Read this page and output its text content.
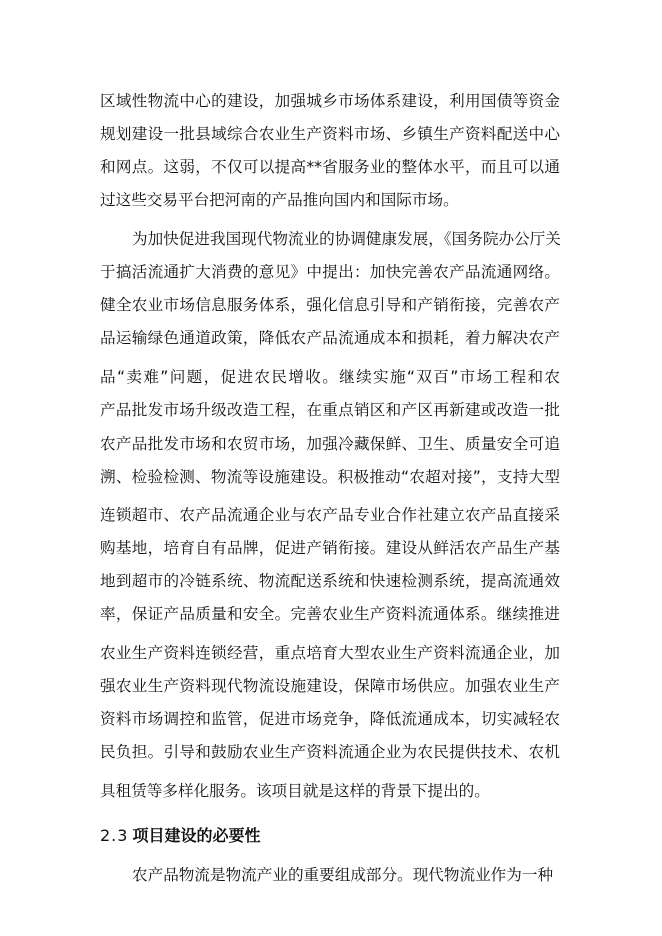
区域性物流中心的建设，加强城乡市场体系建设，利用国债等资金
规划建设一批县域综合农业生产资料市场、乡镇生产资料配送中心
和网点。这弱，不仅可以提高**省服务业的整体水平，而且可以通
过这些交易平台把河南的产品推向国内和国际市场。
为加快促进我国现代物流业的协调健康发展，《国务院办公厅关
于搞活流通扩大消费的意见》中提出：加快完善农产品流通网络。
健全农业市场信息服务体系，强化信息引导和产销衔接，完善农产
品运输绿色通道政策，降低农产品流通成本和损耗，着力解决农产
品“卖难”问题，促进农民增收。继续实施“双百”市场工程和农
产品批发市场升级改造工程，在重点销区和产区再新建或改造一批
农产品批发市场和农贸市场，加强冷藏保鲜、卫生、质量安全可追
溯、检验检测、物流等设施建设。积极推动“农超对接”，支持大型
连锁超市、农产品流通企业与农产品专业合作社建立农产品直接采
购基地，培育自有品牌，促进产销衔接。建设从鲜活农产品生产基
地到超市的冷链系统、物流配送系统和快速检测系统，提高流通效
率，保证产品质量和安全。完善农业生产资料流通体系。继续推进
农业生产资料连锁经营，重点培育大型农业生产资料流通企业，加
强农业生产资料现代物流设施建设，保障市场供应。加强农业生产
资料市场调控和监管，促进市场竞争，降低流通成本，切实减轻农
民负担。引导和鼓励农业生产资料流通企业为农民提供技术、农机
具租赁等多样化服务。该项目就是这样的背景下提出的。
2.3 项目建设的必要性
农产品物流是物流产业的重要组成部分。现代物流业作为一种
